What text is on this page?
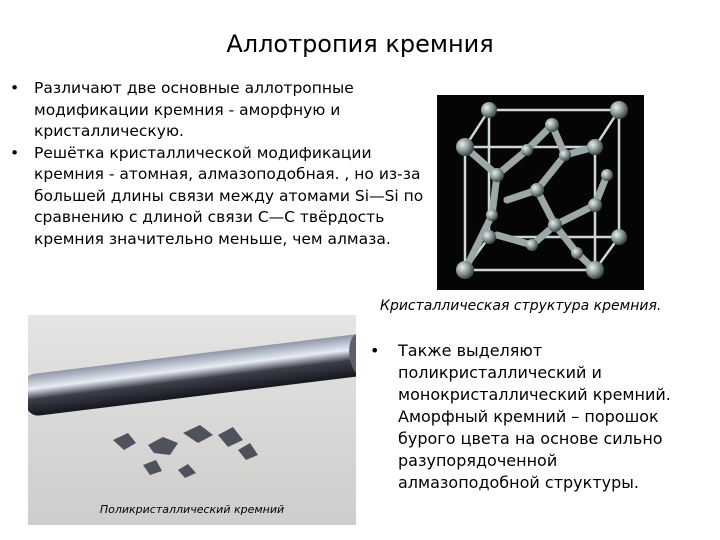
Аллотропия кремния
• Различают две основные аллотропные модификации кремния - аморфную и кристаллическую.
• Решётка кристаллической модификации кремния - атомная, алмазоподобная. , но из-за большей длины связи между атомами Si—Si по сравнению с длиной связи C—C твёрдость кремния значительно меньше, чем алмаза.
Кристаллическая структура кремния.
Поликристаллический кремний
• Также выделяют поликристаллический и монокристаллический кремний. Аморфный кремний – порошок бурого цвета на основе сильно разупорядоченной алмазоподобной структуры.
